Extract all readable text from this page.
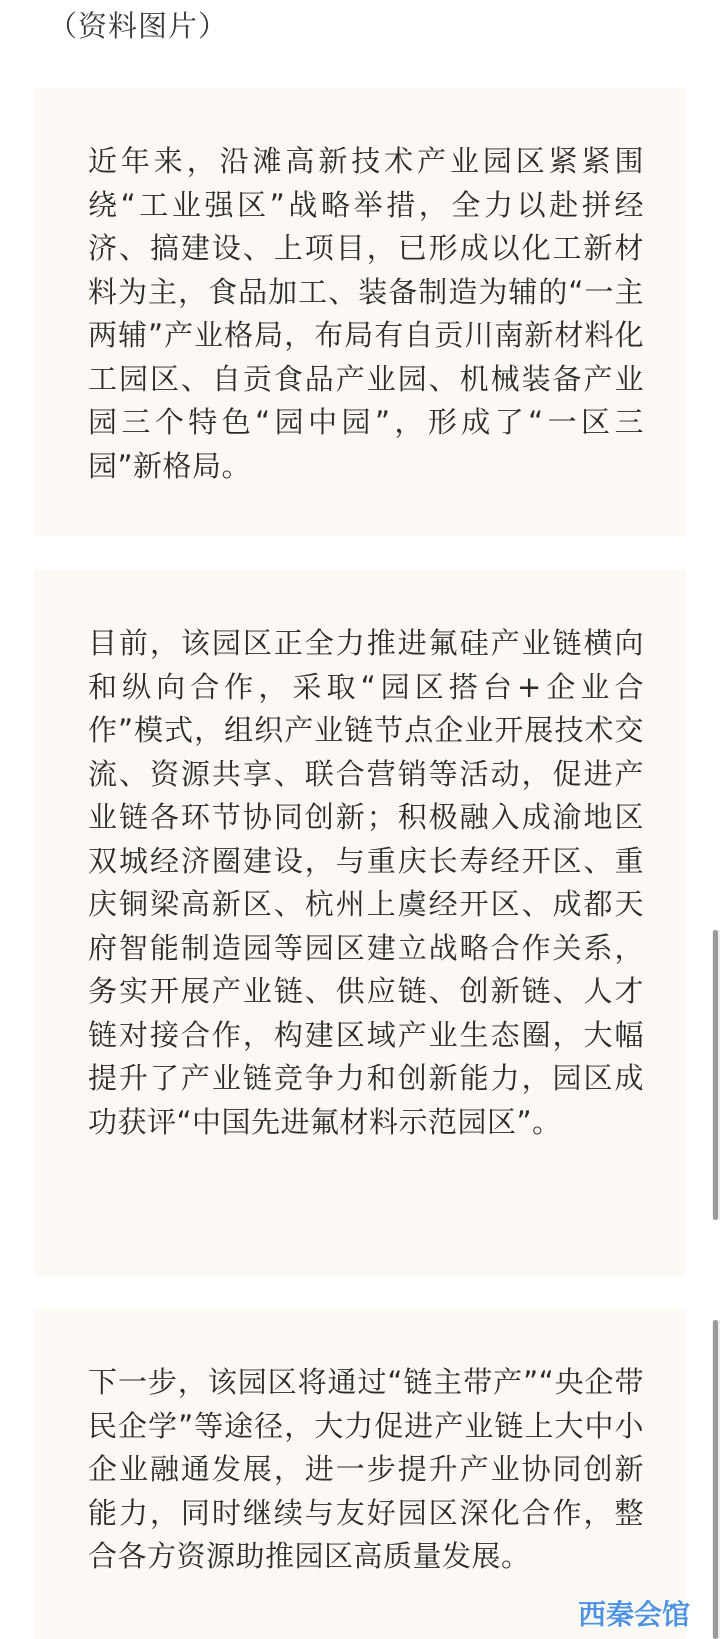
（资料图片）

近年来，沿滩高新技术产业园区紧紧围绕“工业强区”战略举措，全力以赴拼经济、搞建设、上项目，已形成以化工新材料为主，食品加工、装备制造为辅的“一主两辅”产业格局，布局有自贡川南新材料化工园区、自贡食品产业园、机械装备产业园三个特色“园中园”，形成了“一区三园”新格局。

目前，该园区正全力推进氟硅产业链横向和纵向合作，采取“园区搭台+企业合作”模式，组织产业链节点企业开展技术交流、资源共享、联合营销等活动，促进产业链各环节协同创新；积极融入成渝地区双城经济圈建设，与重庆长寿经开区、重庆铜梁高新区、杭州上虞经开区、成都天府智能制造园等园区建立战略合作关系，务实开展产业链、供应链、创新链、人才链对接合作，构建区域产业生态圈，大幅提升了产业链竞争力和创新能力，园区成功获评“中国先进氟材料示范园区”。

下一步，该园区将通过“链主带产”“央企带民企学”等途径，大力促进产业链上大中小企业融通发展，进一步提升产业协同创新能力，同时继续与友好园区深化合作，整合各方资源助推园区高质量发展。

西秦会馆
